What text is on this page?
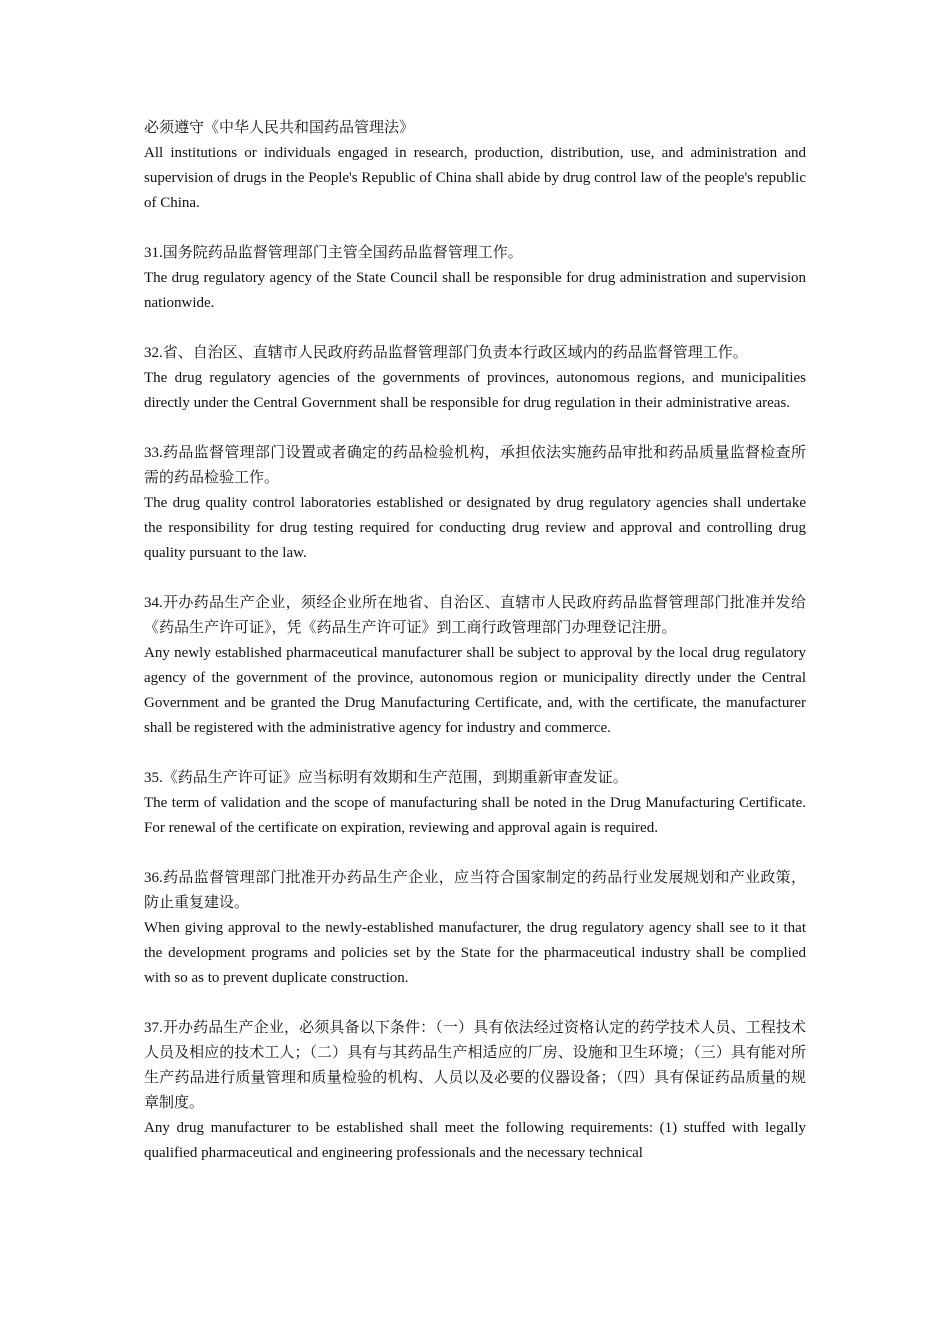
必须遵守《中华人民共和国药品管理法》

All institutions or individuals engaged in research, production, distribution, use, and administration and supervision of drugs in the People's Republic of China shall abide by drug control law of the people's republic of China.

31.国务院药品监督管理部门主管全国药品监督管理工作。

The drug regulatory agency of the State Council shall be responsible for drug administration and supervision nationwide.

32.省、自治区、直辖市人民政府药品监督管理部门负责本行政区域内的药品监督管理工作。

The drug regulatory agencies of the governments of provinces, autonomous regions, and municipalities directly under the Central Government shall be responsible for drug regulation in their administrative areas.

33.药品监督管理部门设置或者确定的药品检验机构，承担依法实施药品审批和药品质量监督检查所需的药品检验工作。

The drug quality control laboratories established or designated by drug regulatory agencies shall undertake the responsibility for drug testing required for conducting drug review and approval and controlling drug quality pursuant to the law.

34.开办药品生产企业，须经企业所在地省、自治区、直辖市人民政府药品监督管理部门批准并发给《药品生产许可证》，凭《药品生产许可证》到工商行政管理部门办理登记注册。

Any newly established pharmaceutical manufacturer shall be subject to approval by the local drug regulatory agency of the government of the province, autonomous region or municipality directly under the Central Government and be granted the Drug Manufacturing Certificate, and, with the certificate, the manufacturer shall be registered with the administrative agency for industry and commerce.

35.《药品生产许可证》应当标明有效期和生产范围，到期重新审查发证。

The term of validation and the scope of manufacturing shall be noted in the Drug Manufacturing Certificate. For renewal of the certificate on expiration, reviewing and approval again is required.

36.药品监督管理部门批准开办药品生产企业，应当符合国家制定的药品行业发展规划和产业政策，防止重复建设。

When giving approval to the newly-established manufacturer, the drug regulatory agency shall see to it that the development programs and policies set by the State for the pharmaceutical industry shall be complied with so as to prevent duplicate construction.

37.开办药品生产企业，必须具备以下条件：（一）具有依法经过资格认定的药学技术人员、工程技术人员及相应的技术工人；（二）具有与其药品生产相适应的厂房、设施和卫生环境；（三）具有能对所生产药品进行质量管理和质量检验的机构、人员以及必要的仪器设备；（四）具有保证药品质量的规章制度。

Any drug manufacturer to be established shall meet the following requirements: (1) stuffed with legally qualified pharmaceutical and engineering professionals and the necessary technical
